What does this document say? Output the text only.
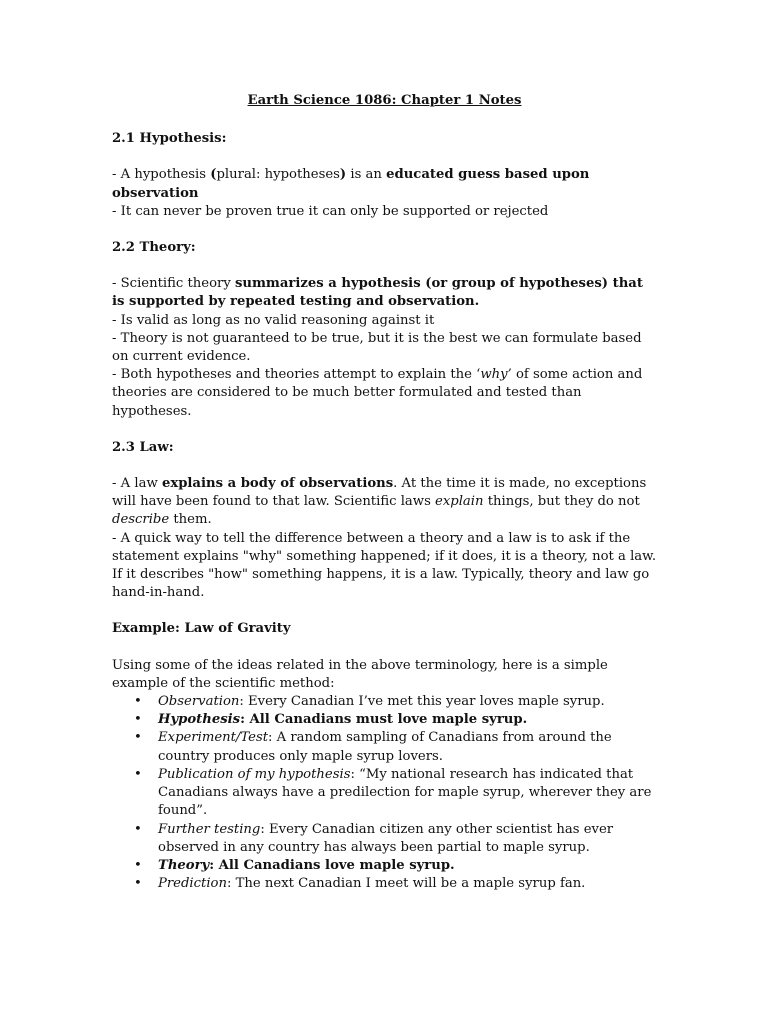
Earth Science 1086: Chapter 1 Notes
2.1 Hypothesis:

- A hypothesis (plural: hypotheses) is an educated guess based upon observation

- It can never be proven true it can only be supported or rejected

2.2 Theory:

- Scientific theory summarizes a hypothesis (or group of hypotheses) that is supported by repeated testing and observation.

- Is valid as long as no valid reasoning against it

- Theory is not guaranteed to be true, but it is the best we can formulate based on current evidence.

- Both hypotheses and theories attempt to explain the ‘why’ of some action and theories are considered to be much better formulated and tested than hypotheses.

2.3 Law:

- A law explains a body of observations. At the time it is made, no exceptions will have been found to that law. Scientific laws explain things, but they do not describe them.

- A quick way to tell the difference between a theory and a law is to ask if the statement explains "why" something happened; if it does, it is a theory, not a law. If it describes "how" something happens, it is a law. Typically, theory and law go hand-in-hand.

Example: Law of Gravity

Using some of the ideas related in the above terminology, here is a simple example of the scientific method:

• Observation: Every Canadian I’ve met this year loves maple syrup.
• Hypothesis: All Canadians must love maple syrup.
• Experiment/Test: A random sampling of Canadians from around the country produces only maple syrup lovers.
• Publication of my hypothesis: “My national research has indicated that Canadians always have a predilection for maple syrup, wherever they are found”.
• Further testing: Every Canadian citizen any other scientist has ever observed in any country has always been partial to maple syrup.
• Theory: All Canadians love maple syrup.
• Prediction: The next Canadian I meet will be a maple syrup fan.
